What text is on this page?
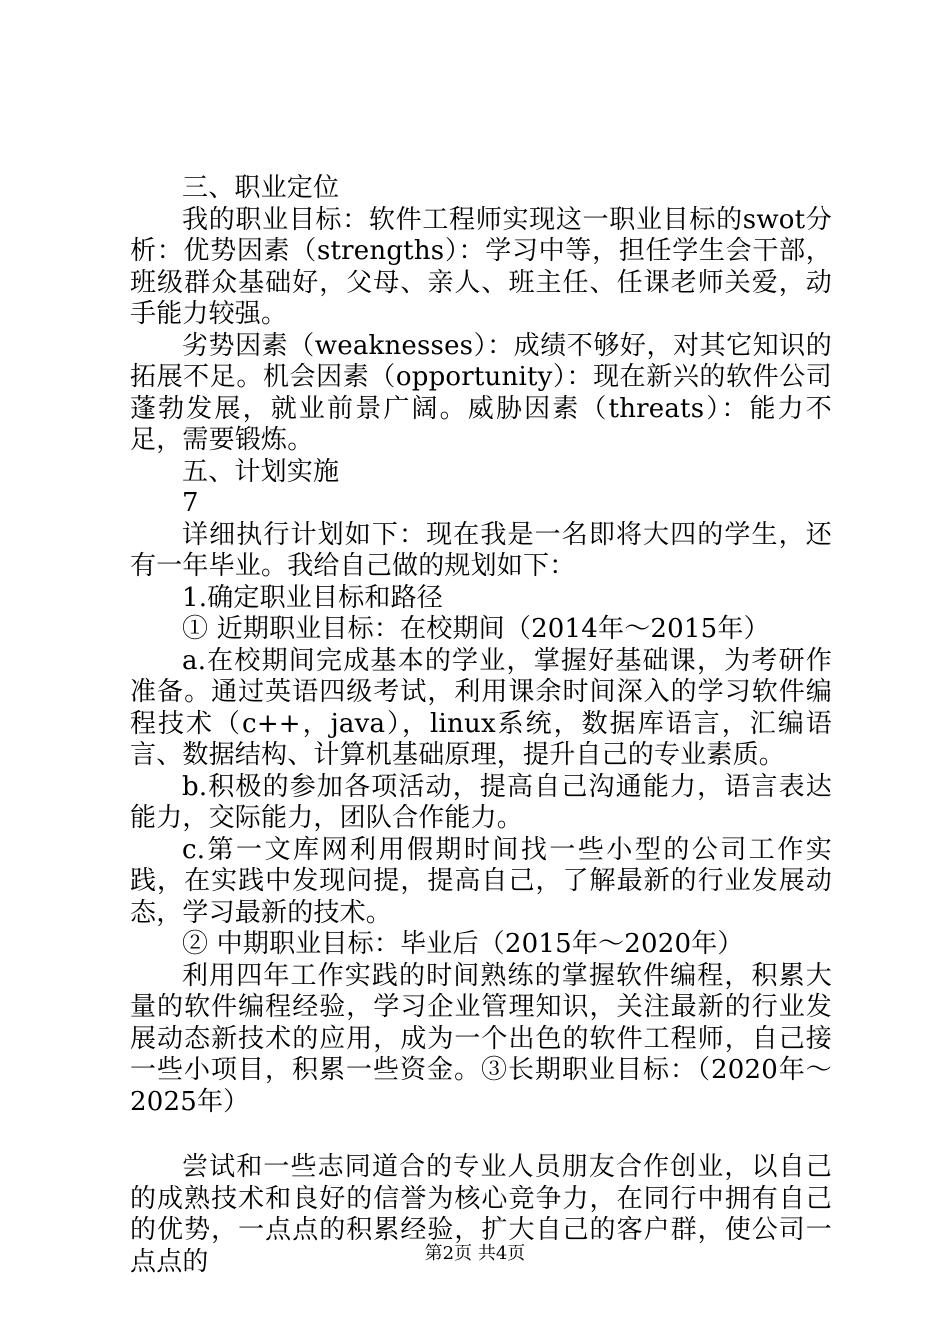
三、职业定位

我的职业目标：软件工程师实现这一职业目标的swot分析：优势因素（strengths）：学习中等，担任学生会干部，班级群众基础好，父母、亲人、班主任、任课老师关爱，动手能力较强。

劣势因素（weaknesses）：成绩不够好，对其它知识的拓展不足。机会因素（opportunity）：现在新兴的软件公司蓬勃发展，就业前景广阔。威胁因素（threats）：能力不足，需要锻炼。

五、计划实施

7

详细执行计划如下：现在我是一名即将大四的学生，还有一年毕业。我给自己做的规划如下：

1.确定职业目标和路径

① 近期职业目标：在校期间（2014年～2015年）

a.在校期间完成基本的学业，掌握好基础课，为考研作准备。通过英语四级考试，利用课余时间深入的学习软件编程技术（c++，java），linux系统，数据库语言，汇编语言、数据结构、计算机基础原理，提升自己的专业素质。

b.积极的参加各项活动，提高自己沟通能力，语言表达能力，交际能力，团队合作能力。

c.第一文库网利用假期时间找一些小型的公司工作实践，在实践中发现问提，提高自己，了解最新的行业发展动态，学习最新的技术。

② 中期职业目标：毕业后（2015年～2020年）

利用四年工作实践的时间熟练的掌握软件编程，积累大量的软件编程经验，学习企业管理知识，关注最新的行业发展动态新技术的应用，成为一个出色的软件工程师，自己接一些小项目，积累一些资金。③长期职业目标：（2020年～2025年）

尝试和一些志同道合的专业人员朋友合作创业，以自己的成熟技术和良好的信誉为核心竞争力，在同行中拥有自己的优势，一点点的积累经验，扩大自己的客户群，使公司一点点的	第2页 共4页
